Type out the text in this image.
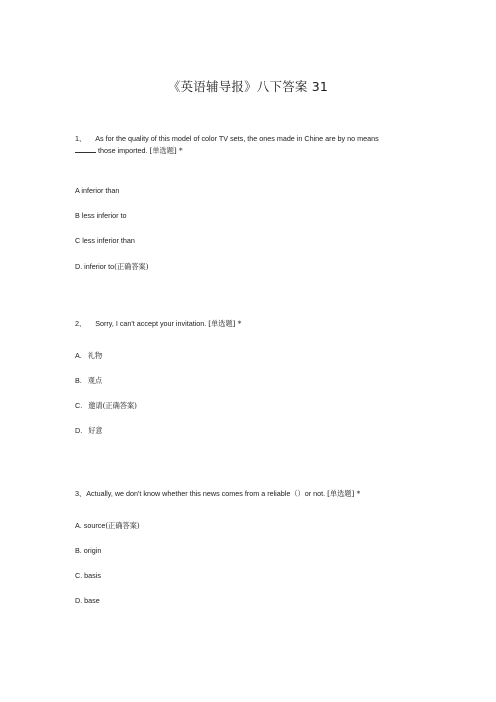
《英语辅导报》八下答案 31
1、 As for the quality of this model of color TV sets, the ones made in Chine are by no means
those imported. [单选题] *
A inferior than
B less inferior to
C less inferior than
D. inferior to(正确答案)
2、 Sorry, I can't accept your invitation. [单选题] *
A. 礼物
B. 观点
C. 邀请(正确答案)
D. 好意
3、Actually, we don't know whether this news comes from a reliable（）or not. [单选题] *
A. source(正确答案)
B. origin
C. basis
D. base
